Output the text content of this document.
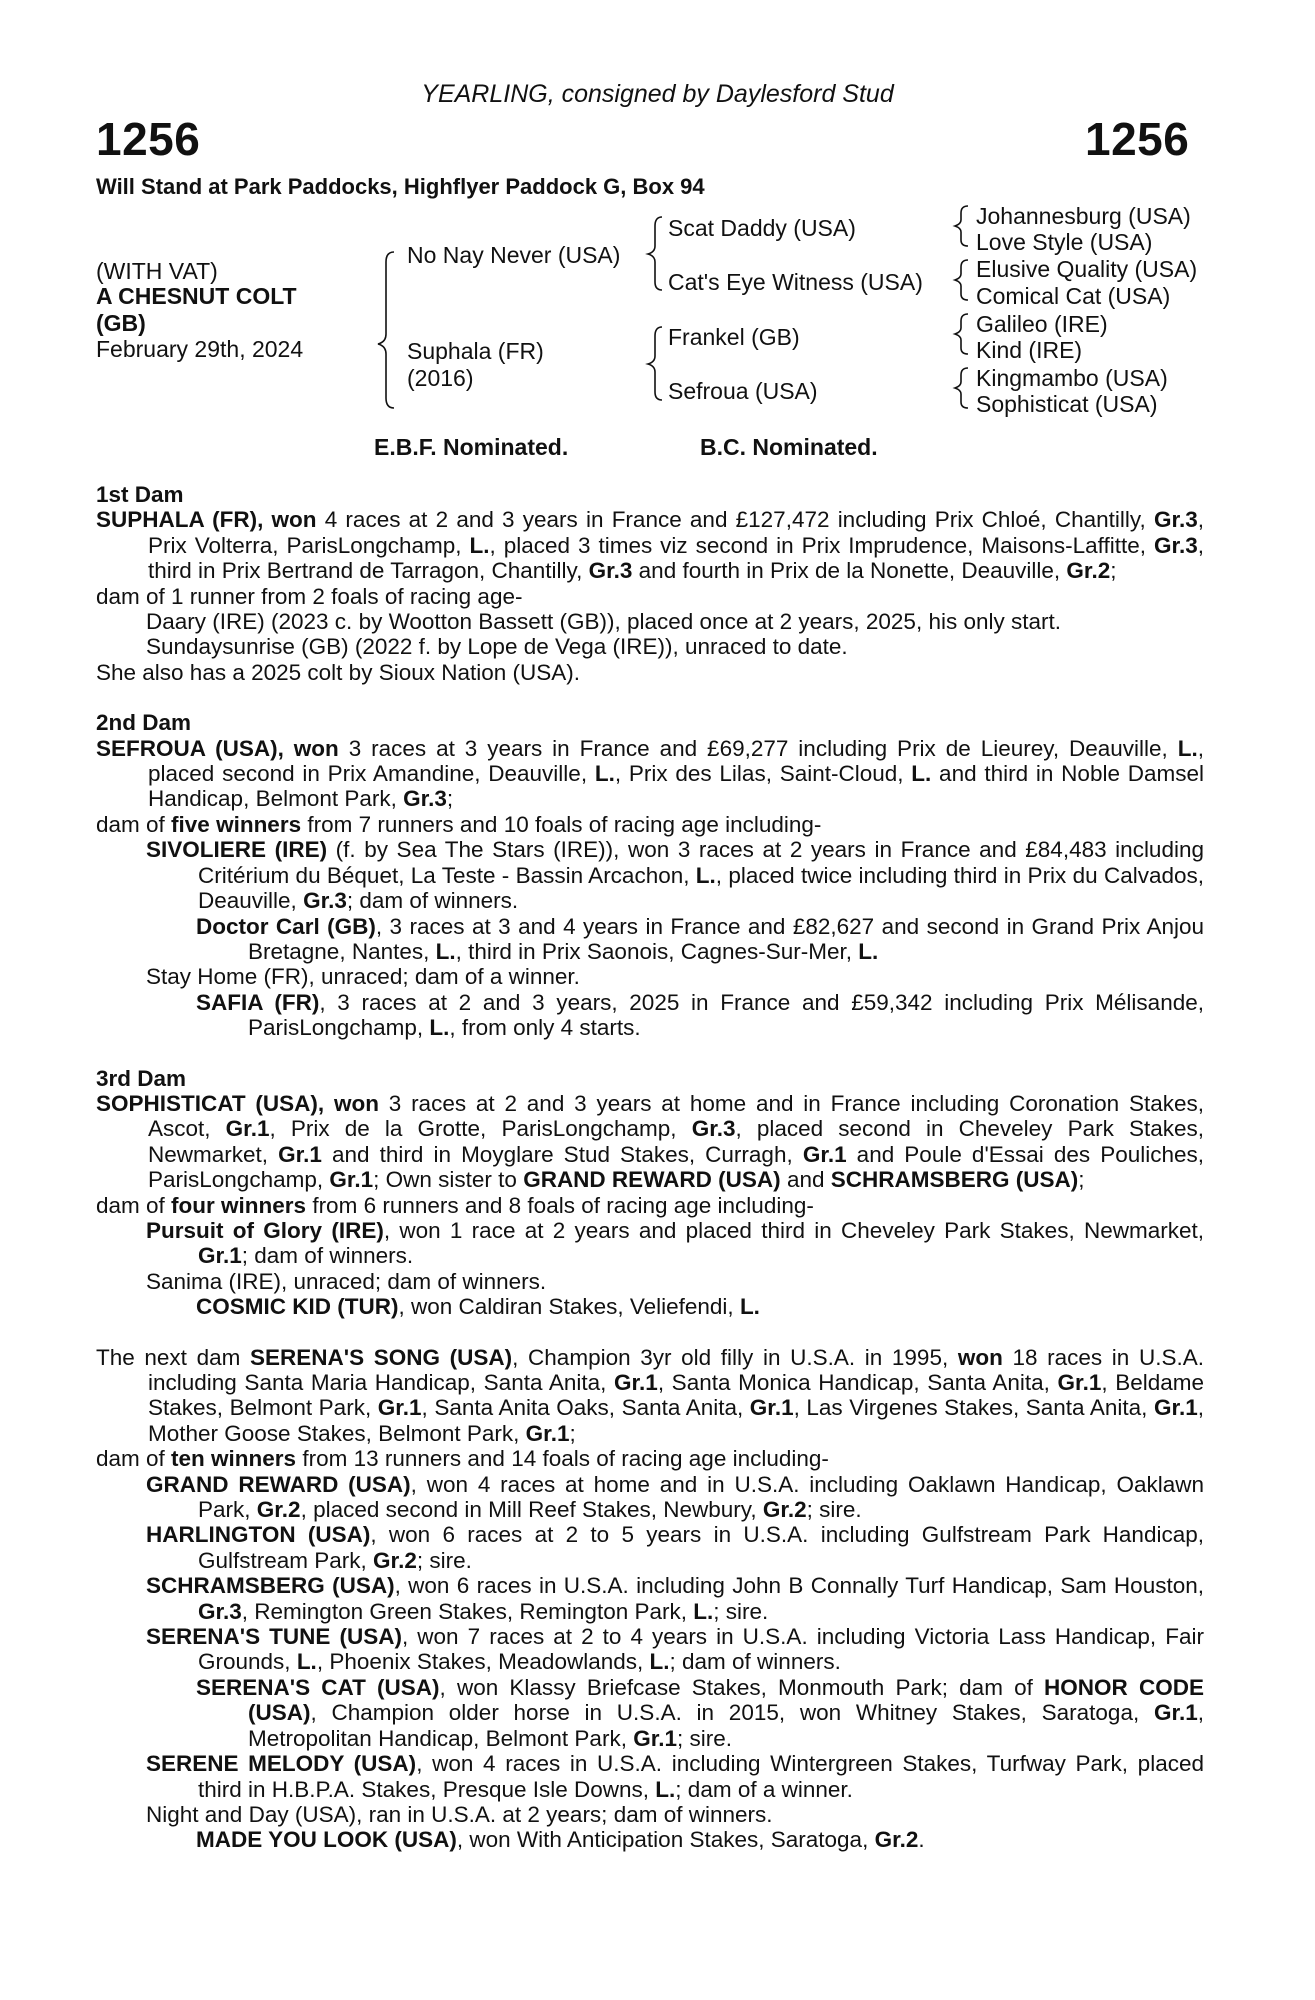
YEARLING, consigned by Daylesford Stud
1256	1256
Will Stand at Park Paddocks, Highflyer Paddock G, Box 94
(WITH VAT)
A CHESNUT COLT
(GB)
February 29th, 2024
No Nay Never (USA)
Suphala (FR)
(2016)
Scat Daddy (USA)
Cat's Eye Witness (USA)
Frankel (GB)
Sefroua (USA)
Johannesburg (USA)
Love Style (USA)
Elusive Quality (USA)
Comical Cat (USA)
Galileo (IRE)
Kind (IRE)
Kingmambo (USA)
Sophisticat (USA)
E.B.F. Nominated.	B.C. Nominated.
1st Dam

SUPHALA (FR), won 4 races at 2 and 3 years in France and £127,472 including Prix Chloé, Chantilly, Gr.3, Prix Volterra, ParisLongchamp, L., placed 3 times viz second in Prix Imprudence, Maisons-Laffitte, Gr.3, third in Prix Bertrand de Tarragon, Chantilly, Gr.3 and fourth in Prix de la Nonette, Deauville, Gr.2;

dam of 1 runner from 2 foals of racing age-

Daary (IRE) (2023 c. by Wootton Bassett (GB)), placed once at 2 years, 2025, his only start.

Sundaysunrise (GB) (2022 f. by Lope de Vega (IRE)), unraced to date.

She also has a 2025 colt by Sioux Nation (USA).

2nd Dam

SEFROUA (USA), won 3 races at 3 years in France and £69,277 including Prix de Lieurey, Deauville, L., placed second in Prix Amandine, Deauville, L., Prix des Lilas, Saint-Cloud, L. and third in Noble Damsel Handicap, Belmont Park, Gr.3;

dam of five winners from 7 runners and 10 foals of racing age including-

SIVOLIERE (IRE) (f. by Sea The Stars (IRE)), won 3 races at 2 years in France and £84,483 including Critérium du Béquet, La Teste - Bassin Arcachon, L., placed twice including third in Prix du Calvados, Deauville, Gr.3; dam of winners.

Doctor Carl (GB), 3 races at 3 and 4 years in France and £82,627 and second in Grand Prix Anjou Bretagne, Nantes, L., third in Prix Saonois, Cagnes-Sur-Mer, L.

Stay Home (FR), unraced; dam of a winner.

SAFIA (FR), 3 races at 2 and 3 years, 2025 in France and £59,342 including Prix Mélisande, ParisLongchamp, L., from only 4 starts.

3rd Dam

SOPHISTICAT (USA), won 3 races at 2 and 3 years at home and in France including Coronation Stakes, Ascot, Gr.1, Prix de la Grotte, ParisLongchamp, Gr.3, placed second in Cheveley Park Stakes, Newmarket, Gr.1 and third in Moyglare Stud Stakes, Curragh, Gr.1 and Poule d'Essai des Pouliches, ParisLongchamp, Gr.1; Own sister to GRAND REWARD (USA) and SCHRAMSBERG (USA);

dam of four winners from 6 runners and 8 foals of racing age including-

Pursuit of Glory (IRE), won 1 race at 2 years and placed third in Cheveley Park Stakes, Newmarket, Gr.1; dam of winners.

Sanima (IRE), unraced; dam of winners.

COSMIC KID (TUR), won Caldiran Stakes, Veliefendi, L.

The next dam SERENA'S SONG (USA), Champion 3yr old filly in U.S.A. in 1995, won 18 races in U.S.A. including Santa Maria Handicap, Santa Anita, Gr.1, Santa Monica Handicap, Santa Anita, Gr.1, Beldame Stakes, Belmont Park, Gr.1, Santa Anita Oaks, Santa Anita, Gr.1, Las Virgenes Stakes, Santa Anita, Gr.1, Mother Goose Stakes, Belmont Park, Gr.1;

dam of ten winners from 13 runners and 14 foals of racing age including-

GRAND REWARD (USA), won 4 races at home and in U.S.A. including Oaklawn Handicap, Oaklawn Park, Gr.2, placed second in Mill Reef Stakes, Newbury, Gr.2; sire.

HARLINGTON (USA), won 6 races at 2 to 5 years in U.S.A. including Gulfstream Park Handicap, Gulfstream Park, Gr.2; sire.

SCHRAMSBERG (USA), won 6 races in U.S.A. including John B Connally Turf Handicap, Sam Houston, Gr.3, Remington Green Stakes, Remington Park, L.; sire.

SERENA'S TUNE (USA), won 7 races at 2 to 4 years in U.S.A. including Victoria Lass Handicap, Fair Grounds, L., Phoenix Stakes, Meadowlands, L.; dam of winners.

SERENA'S CAT (USA), won Klassy Briefcase Stakes, Monmouth Park; dam of HONOR CODE (USA), Champion older horse in U.S.A. in 2015, won Whitney Stakes, Saratoga, Gr.1, Metropolitan Handicap, Belmont Park, Gr.1; sire.

SERENE MELODY (USA), won 4 races in U.S.A. including Wintergreen Stakes, Turfway Park, placed third in H.B.P.A. Stakes, Presque Isle Downs, L.; dam of a winner.

Night and Day (USA), ran in U.S.A. at 2 years; dam of winners.

MADE YOU LOOK (USA), won With Anticipation Stakes, Saratoga, Gr.2.
